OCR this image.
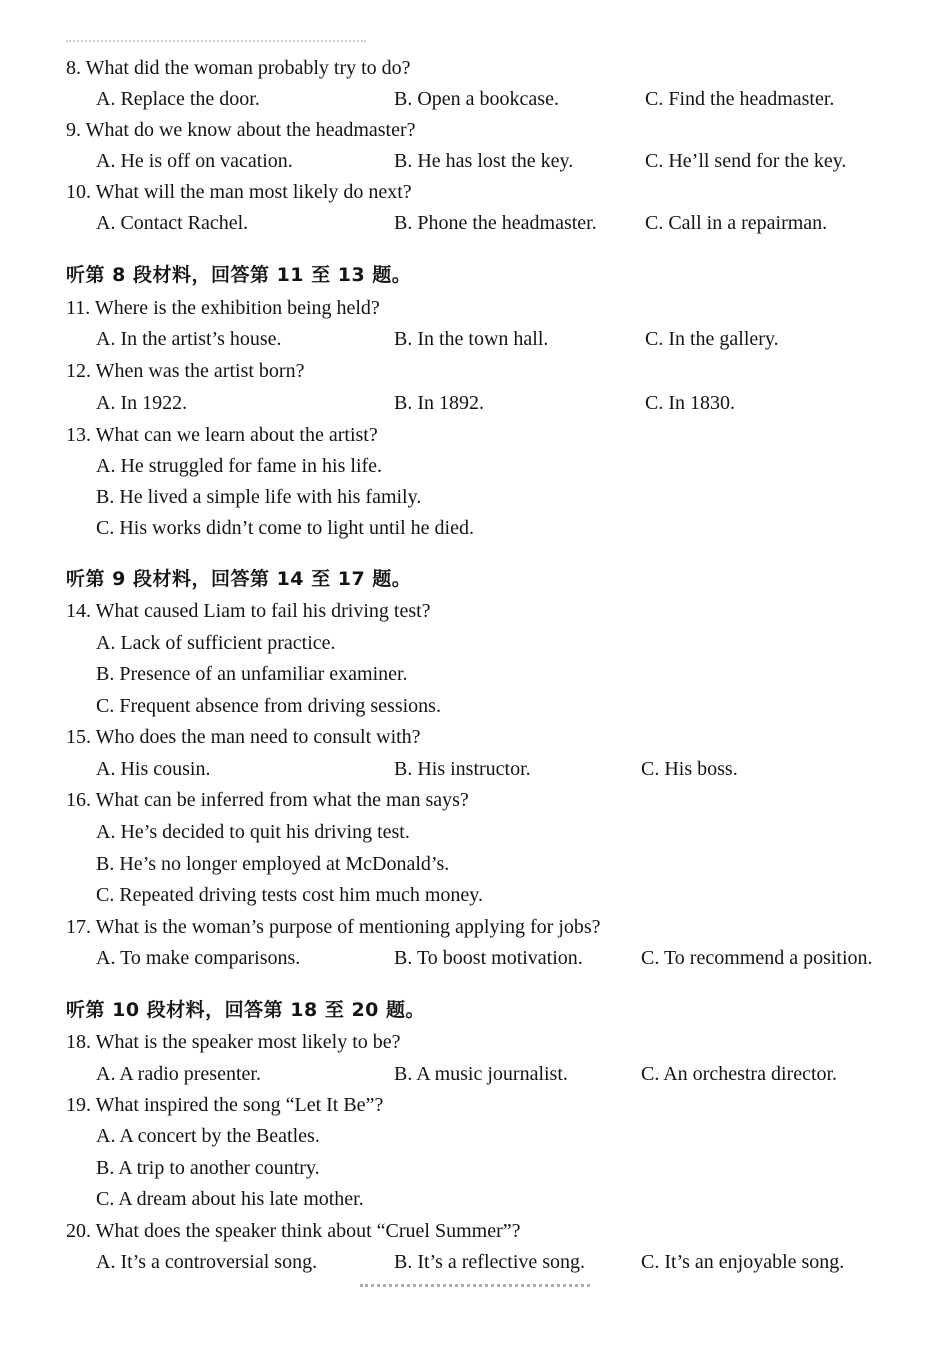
8. What did the woman probably try to do?
A. Replace the door.	B. Open a bookcase.	C. Find the headmaster.
9. What do we know about the headmaster?
A. He is off on vacation.	B. He has lost the key.	C. He’ll send for the key.
10. What will the man most likely do next?
A. Contact Rachel.	B. Phone the headmaster. C. Call in a repairman.
听第 8 段材料，回答第 11 至 13 题。
11. Where is the exhibition being held?
A. In the artist’s house.	B. In the town hall.	C. In the gallery.
12. When was the artist born?
A. In 1922.	B. In 1892.	C. In 1830.
13. What can we learn about the artist?
A. He struggled for fame in his life.
B. He lived a simple life with his family.
C. His works didn’t come to light until he died.
听第 9 段材料，回答第 14 至 17 题。
14. What caused Liam to fail his driving test?
A. Lack of sufficient practice.
B. Presence of an unfamiliar examiner.
C. Frequent absence from driving sessions.
15. Who does the man need to consult with?
A. His cousin.	B. His instructor.	C. His boss.
16. What can be inferred from what the man says?
A. He’s decided to quit his driving test.
B. He’s no longer employed at McDonald’s.
C. Repeated driving tests cost him much money.
17. What is the woman’s purpose of mentioning applying for jobs?
A. To make comparisons.	B. To boost motivation.	C. To recommend a position.
听第 10 段材料，回答第 18 至 20 题。
18. What is the speaker most likely to be?
A. A radio presenter.	B. A music journalist.	C. An orchestra director.
19. What inspired the song “Let It Be”?
A. A concert by the Beatles.
B. A trip to another country.
C. A dream about his late mother.
20. What does the speaker think about “Cruel Summer”?
A. It’s a controversial song.	B. It’s a reflective song.	C. It’s an enjoyable song.
